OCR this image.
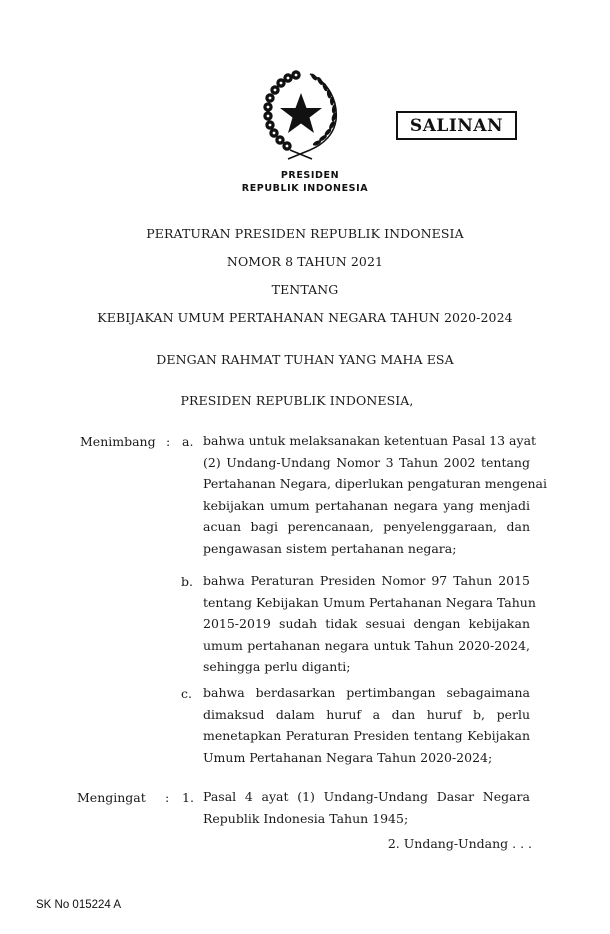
SALINAN
PRESIDEN
REPUBLIK INDONESIA
PERATURAN PRESIDEN REPUBLIK INDONESIA
NOMOR 8 TAHUN 2021
TENTANG
KEBIJAKAN UMUM PERTAHANAN NEGARA TAHUN 2020-2024
DENGAN RAHMAT TUHAN YANG MAHA ESA
PRESIDEN REPUBLIK INDONESIA,
Menimbang : a. bahwa untuk melaksanakan ketentuan Pasal 13 ayat
(2) Undang-Undang Nomor 3 Tahun 2002 tentang
Pertahanan Negara, diperlukan pengaturan mengenai
kebijakan umum pertahanan negara yang menjadi
acuan bagi perencanaan, penyelenggaraan, dan
pengawasan sistem pertahanan negara;
b. bahwa Peraturan Presiden Nomor 97 Tahun 2015
tentang Kebijakan Umum Pertahanan Negara Tahun
2015-2019 sudah tidak sesuai dengan kebijakan
umum pertahanan negara untuk Tahun 2020-2024,
sehingga perlu diganti;
c. bahwa berdasarkan pertimbangan sebagaimana
dimaksud dalam huruf a dan huruf b, perlu
menetapkan Peraturan Presiden tentang Kebijakan
Umum Pertahanan Negara Tahun 2020-2024;
Mengingat : 1. Pasal 4 ayat (1) Undang-Undang Dasar Negara
Republik Indonesia Tahun 1945;
2. Undang-Undang . . .
SK No 015224 A
